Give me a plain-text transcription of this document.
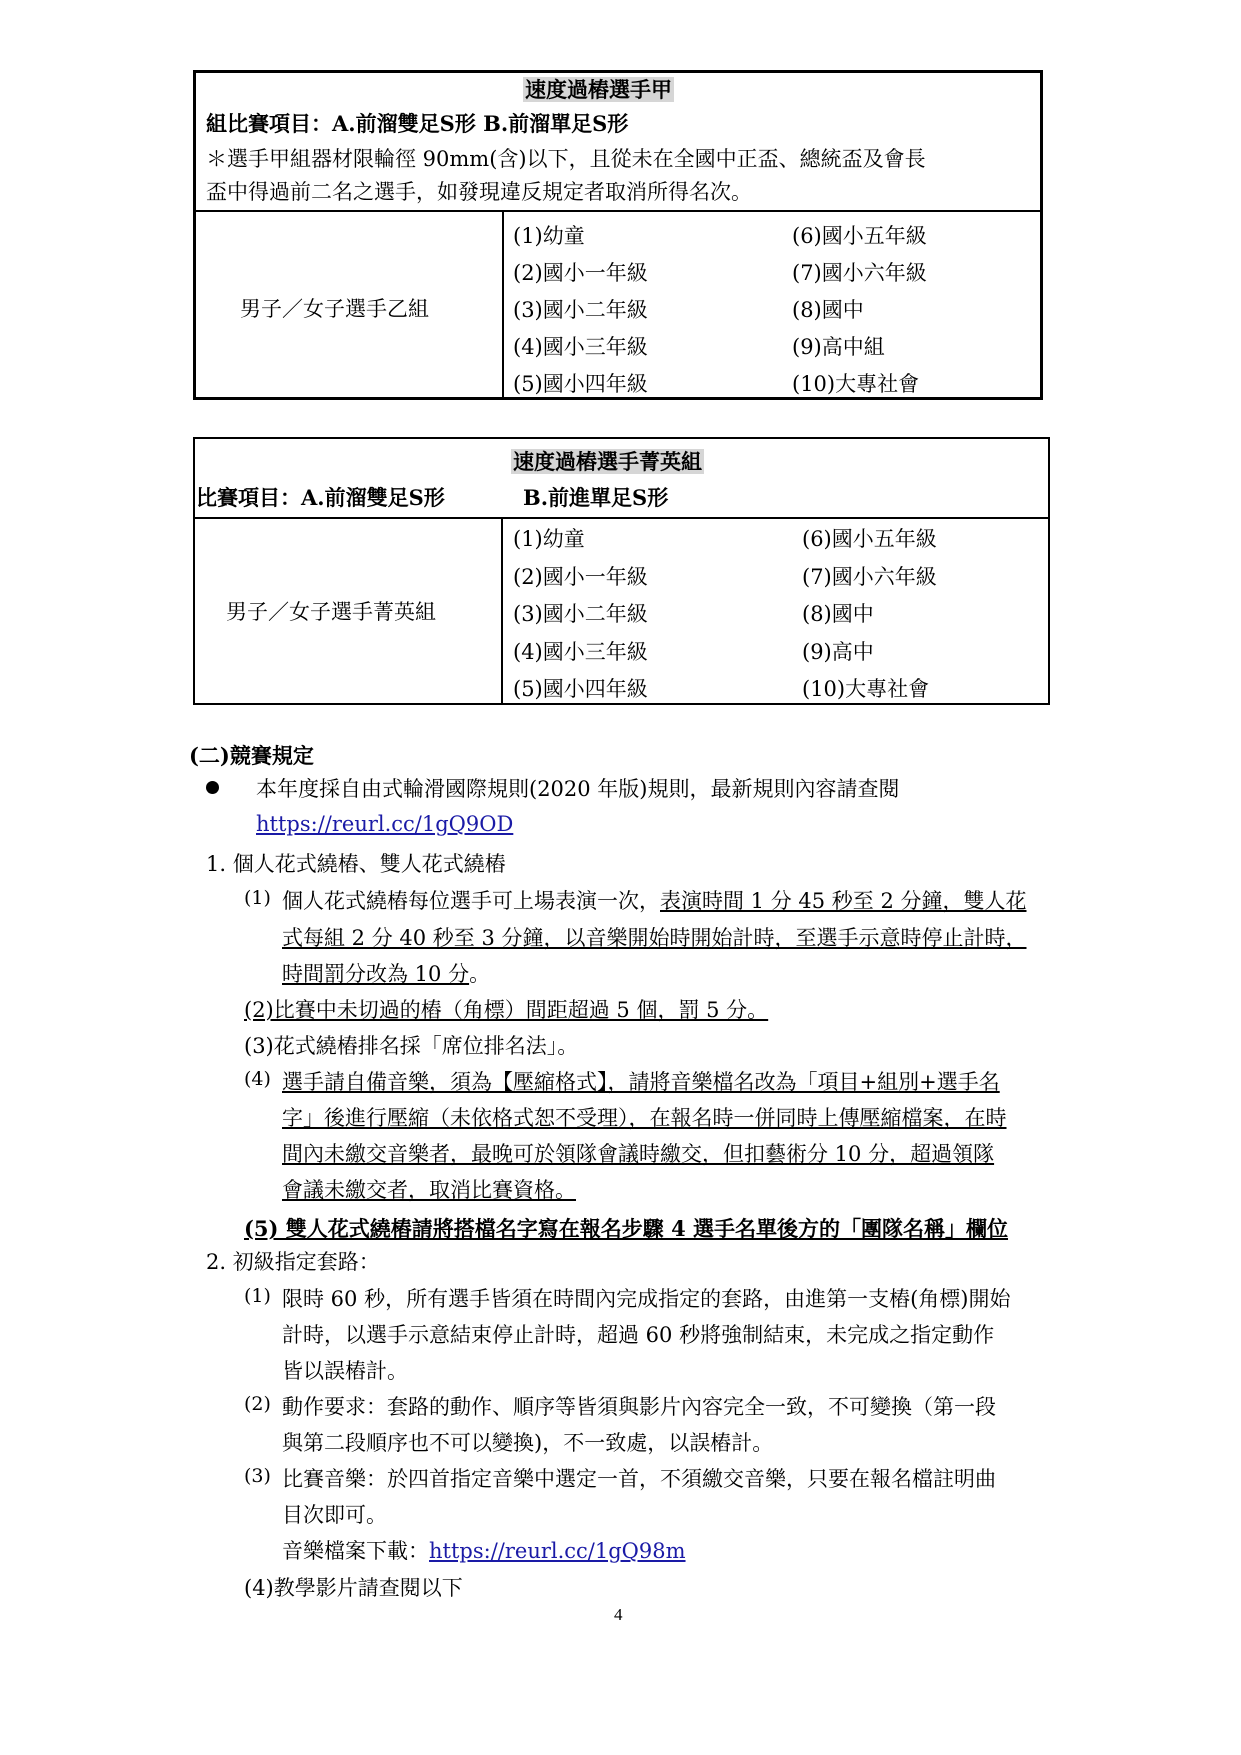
速度過樁選手甲
組比賽項目：A.前溜雙足S形 B.前溜單足S形
＊選手甲組器材限輪徑 90mm(含)以下，且從未在全國中正盃、總統盃及會長
盃中得過前二名之選手，如發現違反規定者取消所得名次。
男子／女子選手乙組
(1)幼童
(2)國小一年級
(3)國小二年級
(4)國小三年級
(5)國小四年級
(6)國小五年級
(7)國小六年級
(8)國中
(9)高中組
(10)大專社會
速度過樁選手菁英組
比賽項目：A.前溜雙足S形	B.前進單足S形
男子／女子選手菁英組
(1)幼童
(2)國小一年級
(3)國小二年級
(4)國小三年級
(5)國小四年級
(6)國小五年級
(7)國小六年級
(8)國中
(9)高中
(10)大專社會
(二)競賽規定
本年度採自由式輪滑國際規則(2020 年版)規則，最新規則內容請查閱
https://reurl.cc/1gQ9OD
1. 個人花式繞樁、雙人花式繞樁
(1) 個人花式繞樁每位選手可上場表演一次，表演時間 1 分 45 秒至 2 分鐘，雙人花
式每組 2 分 40 秒至 3 分鐘，以音樂開始時開始計時，至選手示意時停止計時，
時間罰分改為 10 分。
(2)比賽中未切過的樁（角標）間距超過 5 個，罰 5 分。
(3)花式繞樁排名採「席位排名法」。
(4) 選手請自備音樂，須為【壓縮格式】，請將音樂檔名改為「項目+組別+選手名
字」後進行壓縮（未依格式恕不受理），在報名時一併同時上傳壓縮檔案，在時
間內未繳交音樂者，最晚可於領隊會議時繳交，但扣藝術分 10 分，超過領隊
會議未繳交者，取消比賽資格。
(5) 雙人花式繞樁請將搭檔名字寫在報名步驟 4 選手名單後方的「團隊名稱」欄位
2. 初級指定套路：
(1) 限時 60 秒，所有選手皆須在時間內完成指定的套路，由進第一支樁(角標)開始
計時，以選手示意結束停止計時，超過 60 秒將強制結束，未完成之指定動作
皆以誤樁計。
(2) 動作要求：套路的動作、順序等皆須與影片內容完全一致，不可變換（第一段
與第二段順序也不可以變換)，不一致處，以誤樁計。
(3) 比賽音樂：於四首指定音樂中選定一首，不須繳交音樂，只要在報名檔註明曲
目次即可。
音樂檔案下載：https://reurl.cc/1gQ98m
(4)教學影片請查閱以下
4
